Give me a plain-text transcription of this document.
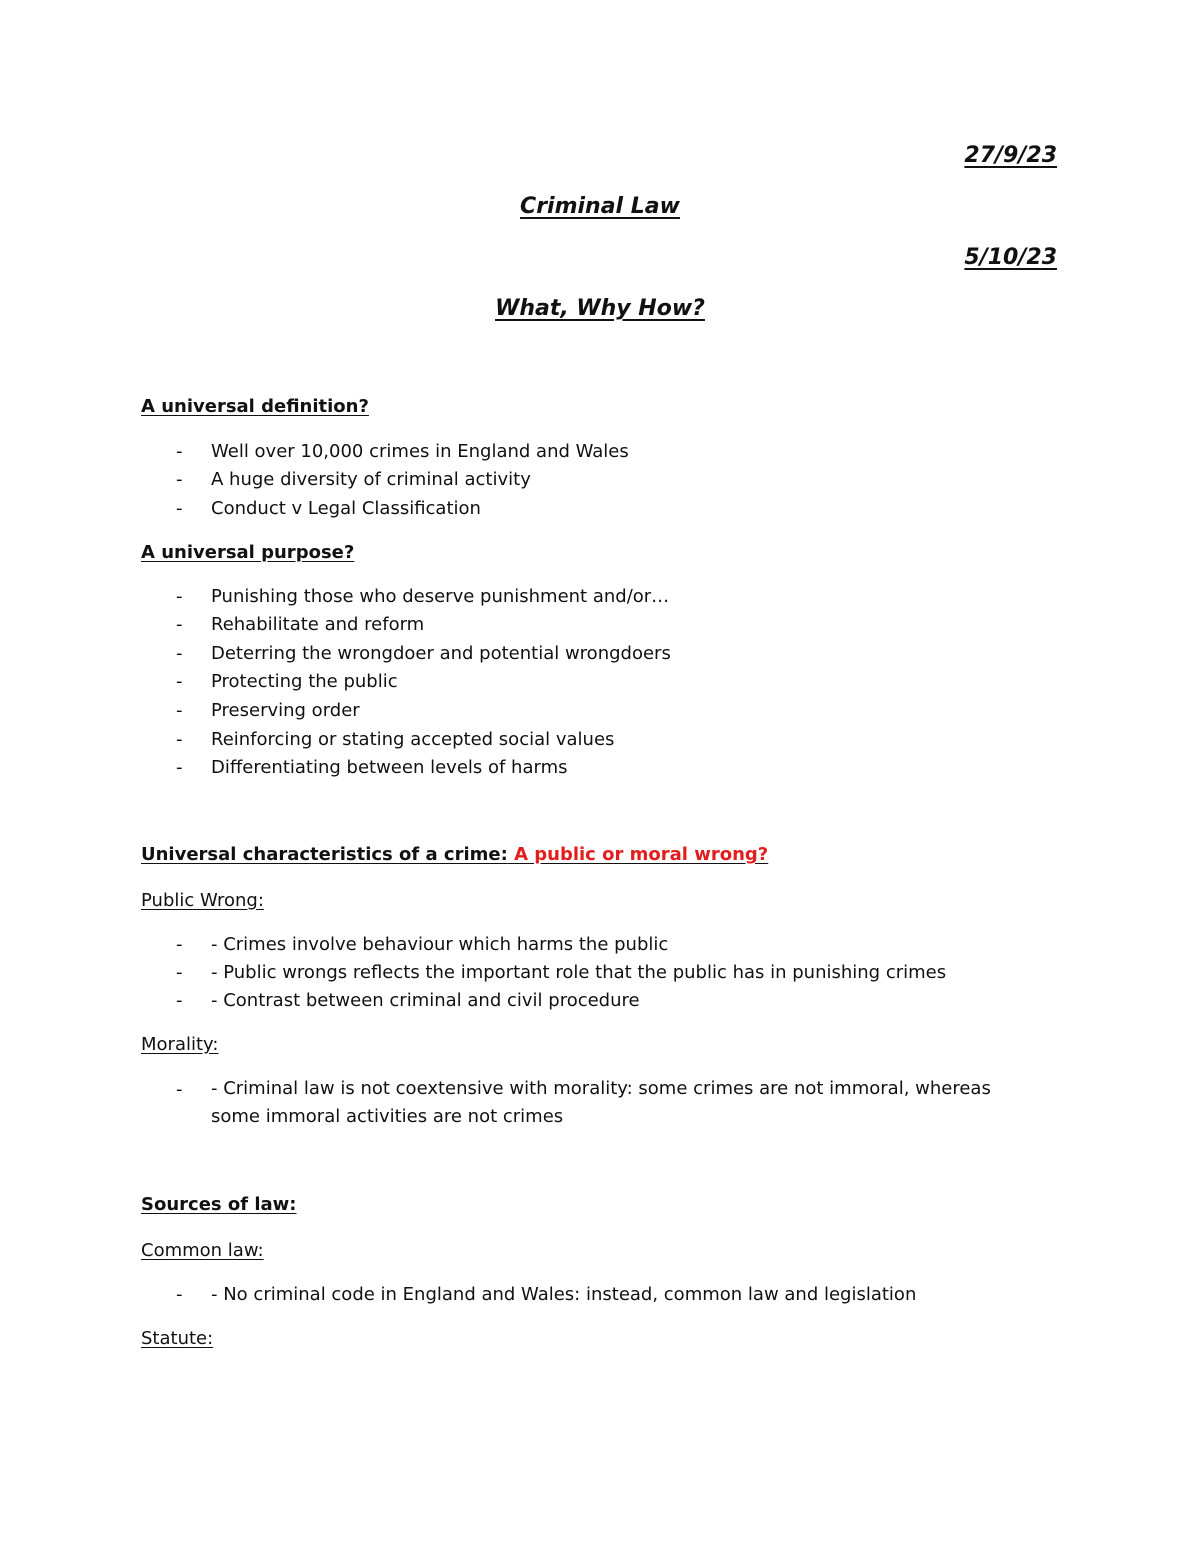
27/9/23
Criminal Law
5/10/23
What, Why How?
A universal definition?
- Well over 10,000 crimes in England and Wales
- A huge diversity of criminal activity
- Conduct v Legal Classification
A universal purpose?
- Punishing those who deserve punishment and/or…
- Rehabilitate and reform
- Deterring the wrongdoer and potential wrongdoers
- Protecting the public
- Preserving order
- Reinforcing or stating accepted social values
- Differentiating between levels of harms
Universal characteristics of a crime: A public or moral wrong?
Public Wrong:
- - Crimes involve behaviour which harms the public
- - Public wrongs reflects the important role that the public has in punishing crimes
- - Contrast between criminal and civil procedure
Morality:
- - Criminal law is not coextensive with morality: some crimes are not immoral, whereas some immoral activities are not crimes
Sources of law:
Common law:
- - No criminal code in England and Wales: instead, common law and legislation
Statute:
